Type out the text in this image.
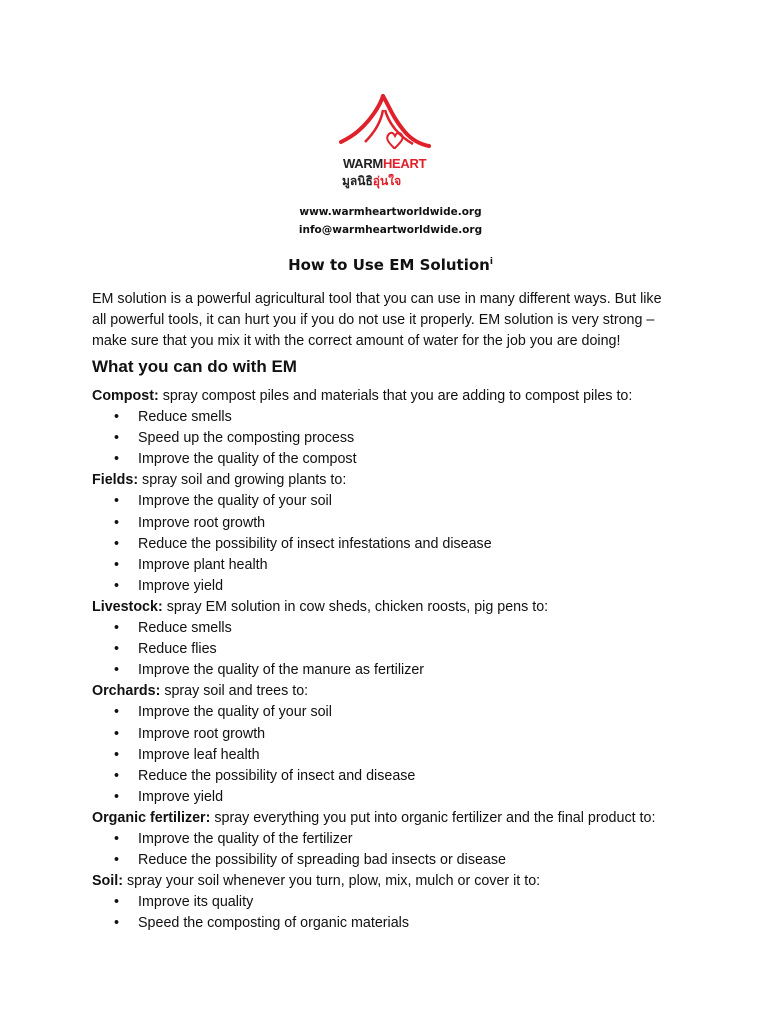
WARMHEART
มูลนิธิอุ่นใจ
www.warmheartworldwide.org
info@warmheartworldwide.org
How to Use EM Solution$^i$
EM solution is a powerful agricultural tool that you can use in many different ways. But like
all powerful tools, it can hurt you if you do not use it properly. EM solution is very strong –
make sure that you mix it with the correct amount of water for the job you are doing!
What you can do with EM
Compost: spray compost piles and materials that you are adding to compost piles to:
• Reduce smells
• Speed up the composting process
• Improve the quality of the compost
Fields: spray soil and growing plants to:
• Improve the quality of your soil
• Improve root growth
• Reduce the possibility of insect infestations and disease
• Improve plant health
• Improve yield
Livestock: spray EM solution in cow sheds, chicken roosts, pig pens to:
• Reduce smells
• Reduce flies
• Improve the quality of the manure as fertilizer
Orchards: spray soil and trees to:
• Improve the quality of your soil
• Improve root growth
• Improve leaf health
• Reduce the possibility of insect and disease
• Improve yield
Organic fertilizer: spray everything you put into organic fertilizer and the final product to:
• Improve the quality of the fertilizer
• Reduce the possibility of spreading bad insects or disease
Soil: spray your soil whenever you turn, plow, mix, mulch or cover it to:
• Improve its quality
• Speed the composting of organic materials
